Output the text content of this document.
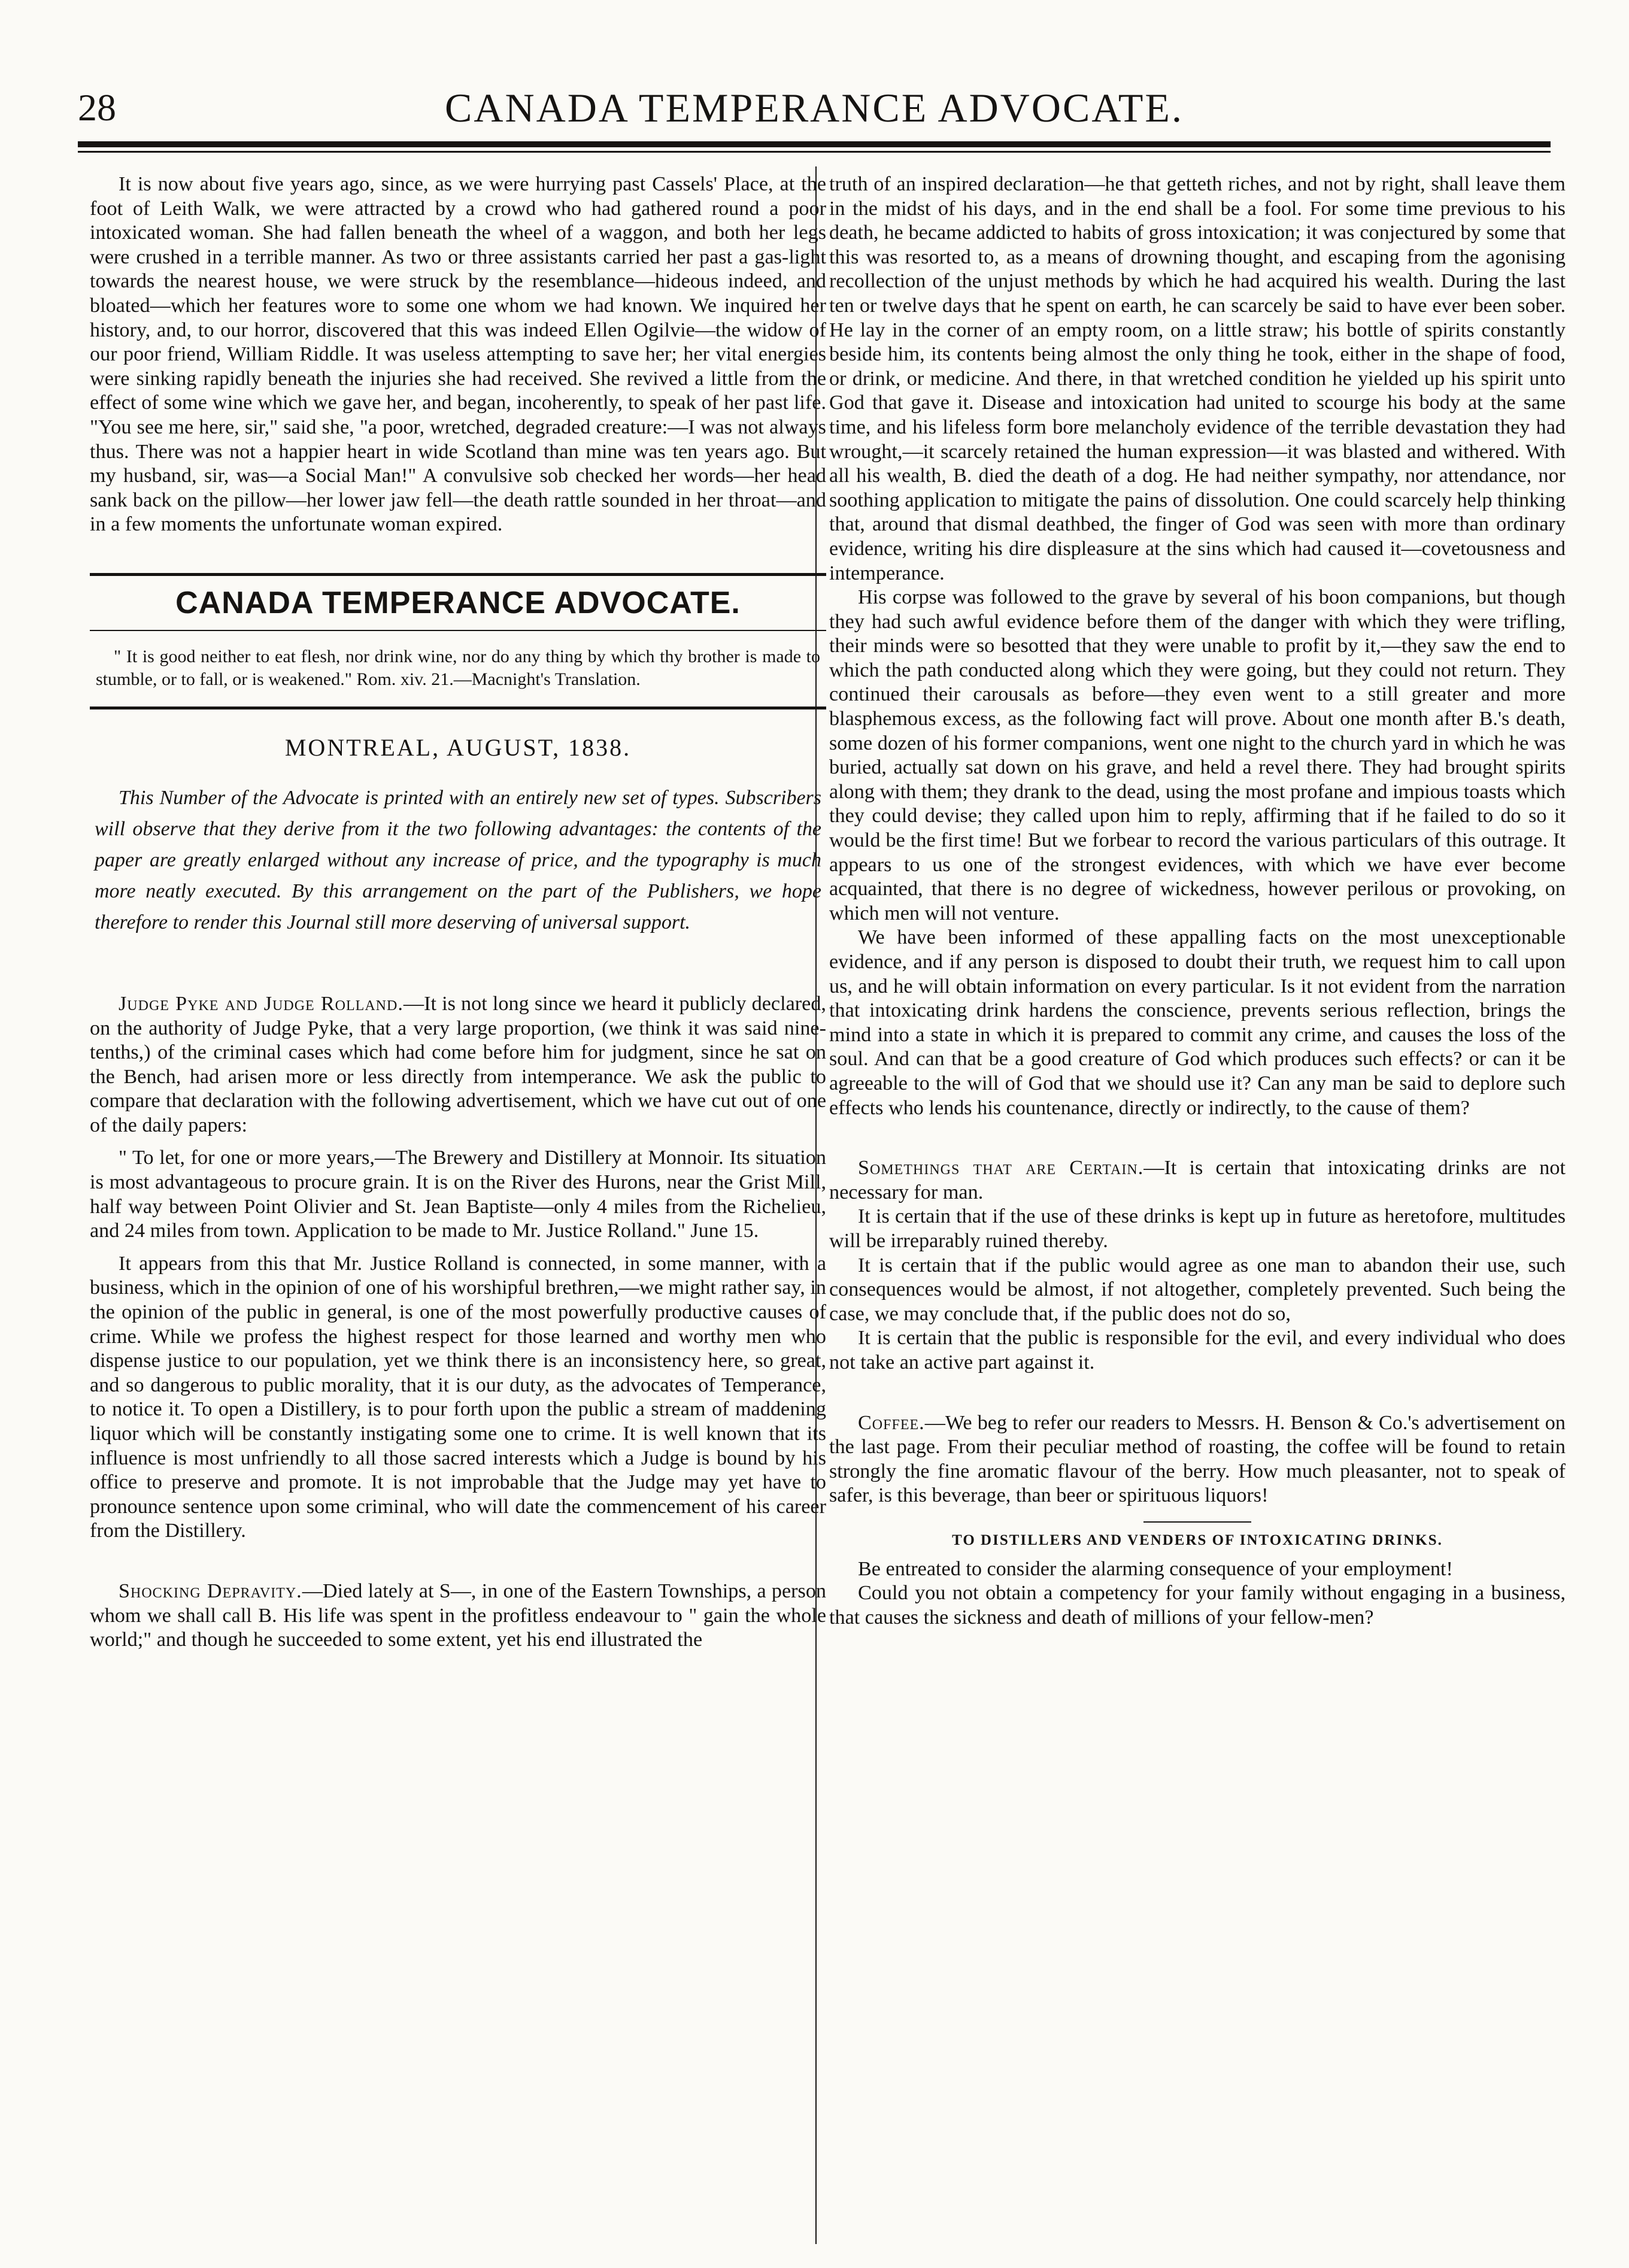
28	CANADA TEMPERANCE ADVOCATE.

It is now about five years ago, since, as we were hurrying past Cassels' Place, at the foot of Leith Walk, we were attracted by a crowd who had gathered round a poor intoxicated woman. She had fallen beneath the wheel of a waggon, and both her legs were crushed in a terrible manner. As two or three assistants carried her past a gas-light towards the nearest house, we were struck by the resemblance—hideous indeed, and bloated—which her features wore to some one whom we had known. We inquired her history, and, to our horror, discovered that this was indeed Ellen Ogilvie—the widow of our poor friend, William Riddle. It was useless attempting to save her; her vital energies were sinking rapidly beneath the injuries she had received. She revived a little from the effect of some wine which we gave her, and began, incoherently, to speak of her past life. "You see me here, sir," said she, "a poor, wretched, degraded creature:—I was not always thus. There was not a happier heart in wide Scotland than mine was ten years ago. But my husband, sir, was—a Social Man!" A convulsive sob checked her words—her head sank back on the pillow—her lower jaw fell—the death rattle sounded in her throat—and in a few moments the unfortunate woman expired.

CANADA TEMPERANCE ADVOCATE.

" It is good neither to eat flesh, nor drink wine, nor do any thing by which thy brother is made to stumble, or to fall, or is weakened." Rom. xiv. 21.—Macnight's Translation.

MONTREAL, AUGUST, 1838.

This Number of the Advocate is printed with an entirely new set of types. Subscribers will observe that they derive from it the two following advantages: the contents of the paper are greatly enlarged without any increase of price, and the typography is much more neatly executed. By this arrangement on the part of the Publishers, we hope therefore to render this Journal still more deserving of universal support.

Judge Pyke and Judge Rolland.—It is not long since we heard it publicly declared, on the authority of Judge Pyke, that a very large proportion, (we think it was said nine-tenths,) of the criminal cases which had come before him for judgment, since he sat on the Bench, had arisen more or less directly from intemperance. We ask the public to compare that declaration with the following advertisement, which we have cut out of one of the daily papers:

" To let, for one or more years,—The Brewery and Distillery at Monnoir. Its situation is most advantageous to procure grain. It is on the River des Hurons, near the Grist Mill, half way between Point Olivier and St. Jean Baptiste—only 4 miles from the Richelieu, and 24 miles from town. Application to be made to Mr. Justice Rolland." June 15.

It appears from this that Mr. Justice Rolland is connected, in some manner, with a business, which in the opinion of one of his worshipful brethren,—we might rather say, in the opinion of the public in general, is one of the most powerfully productive causes of crime. While we profess the highest respect for those learned and worthy men who dispense justice to our population, yet we think there is an inconsistency here, so great, and so dangerous to public morality, that it is our duty, as the advocates of Temperance, to notice it. To open a Distillery, is to pour forth upon the public a stream of maddening liquor which will be constantly instigating some one to crime. It is well known that its influence is most unfriendly to all those sacred interests which a Judge is bound by his office to preserve and promote. It is not improbable that the Judge may yet have to pronounce sentence upon some criminal, who will date the commencement of his career from the Distillery.

Shocking Depravity.—Died lately at S—, in one of the Eastern Townships, a person whom we shall call B. His life was spent in the profitless endeavour to " gain the whole world;" and though he succeeded to some extent, yet his end illustrated the

truth of an inspired declaration—he that getteth riches, and not by right, shall leave them in the midst of his days, and in the end shall be a fool. For some time previous to his death, he became addicted to habits of gross intoxication; it was conjectured by some that this was resorted to, as a means of drowning thought, and escaping from the agonising recollection of the unjust methods by which he had acquired his wealth. During the last ten or twelve days that he spent on earth, he can scarcely be said to have ever been sober. He lay in the corner of an empty room, on a little straw; his bottle of spirits constantly beside him, its contents being almost the only thing he took, either in the shape of food, or drink, or medicine. And there, in that wretched condition he yielded up his spirit unto God that gave it. Disease and intoxication had united to scourge his body at the same time, and his lifeless form bore melancholy evidence of the terrible devastation they had wrought,—it scarcely retained the human expression—it was blasted and withered. With all his wealth, B. died the death of a dog. He had neither sympathy, nor attendance, nor soothing application to mitigate the pains of dissolution. One could scarcely help thinking that, around that dismal deathbed, the finger of God was seen with more than ordinary evidence, writing his dire displeasure at the sins which had caused it—covetousness and intemperance.

His corpse was followed to the grave by several of his boon companions, but though they had such awful evidence before them of the danger with which they were trifling, their minds were so besotted that they were unable to profit by it,—they saw the end to which the path conducted along which they were going, but they could not return. They continued their carousals as before—they even went to a still greater and more blasphemous excess, as the following fact will prove. About one month after B.'s death, some dozen of his former companions, went one night to the church yard in which he was buried, actually sat down on his grave, and held a revel there. They had brought spirits along with them; they drank to the dead, using the most profane and impious toasts which they could devise; they called upon him to reply, affirming that if he failed to do so it would be the first time! But we forbear to record the various particulars of this outrage. It appears to us one of the strongest evidences, with which we have ever become acquainted, that there is no degree of wickedness, however perilous or provoking, on which men will not venture.

We have been informed of these appalling facts on the most unexceptionable evidence, and if any person is disposed to doubt their truth, we request him to call upon us, and he will obtain information on every particular. Is it not evident from the narration that intoxicating drink hardens the conscience, prevents serious reflection, brings the mind into a state in which it is prepared to commit any crime, and causes the loss of the soul. And can that be a good creature of God which produces such effects? or can it be agreeable to the will of God that we should use it? Can any man be said to deplore such effects who lends his countenance, directly or indirectly, to the cause of them?

Somethings that are Certain.—It is certain that intoxicating drinks are not necessary for man.

It is certain that if the use of these drinks is kept up in future as heretofore, multitudes will be irreparably ruined thereby.

It is certain that if the public would agree as one man to abandon their use, such consequences would be almost, if not altogether, completely prevented. Such being the case, we may conclude that, if the public does not do so,

It is certain that the public is responsible for the evil, and every individual who does not take an active part against it.

Coffee.—We beg to refer our readers to Messrs. H. Benson & Co.'s advertisement on the last page. From their peculiar method of roasting, the coffee will be found to retain strongly the fine aromatic flavour of the berry. How much pleasanter, not to speak of safer, is this beverage, than beer or spirituous liquors!

TO DISTILLERS AND VENDERS OF INTOXICATING DRINKS.

Be entreated to consider the alarming consequence of your employment!

Could you not obtain a competency for your family without engaging in a business, that causes the sickness and death of millions of your fellow-men?
